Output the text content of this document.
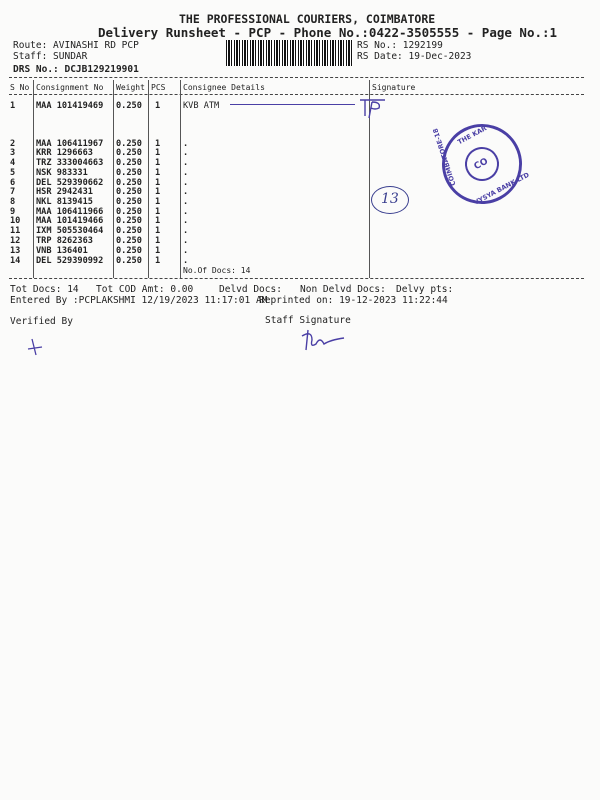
THE PROFESSIONAL COURIERS, COIMBATORE
Delivery Runsheet - PCP - Phone No.:0422-3505555 - Page No.:1
Route: AVINASHI RD PCP
Staff: SUNDAR
DRS No.: DCJB129219901
RS No.: 1292199
RS Date: 19-Dec-2023
S No Consignment No Weight PCS Consignee Details	Signature
1 MAA 101419469 0.250 1	KVB ATM
2 MAA 106411967 0.250 1	.
3 KRR 1296663	0.250 1	.
4 TRZ 333004663 0.250 1	.
5 NSK 983331	0.250 1	.
6 DEL 529390662 0.250 1	.
7 HSR 2942431	0.250 1	.
8 NKL 8139415	0.250 1	.
9 MAA 106411966 0.250 1	.
10 MAA 101419466 0.250 1	.
11 IXM 505530464 0.250 1	.
12 TRP 8262363	0.250 1	.
13 VNB 136401	0.250 1	.
14 DEL 529390992 0.250 1	.
No.Of Docs: 14
THE KAR
COIMBATORE-18
VYSYA BANK LTD
CO
13
Tot Docs: 14 Tot COD Amt: 0.00	Delvd Docs: Non Delvd Docs: Delvy pts:
Entered By :PCPLAKSHMI 12/19/2023 11:17:01 AM
Reprinted on: 19-12-2023 11:22:44
Verified By	Staff Signature
